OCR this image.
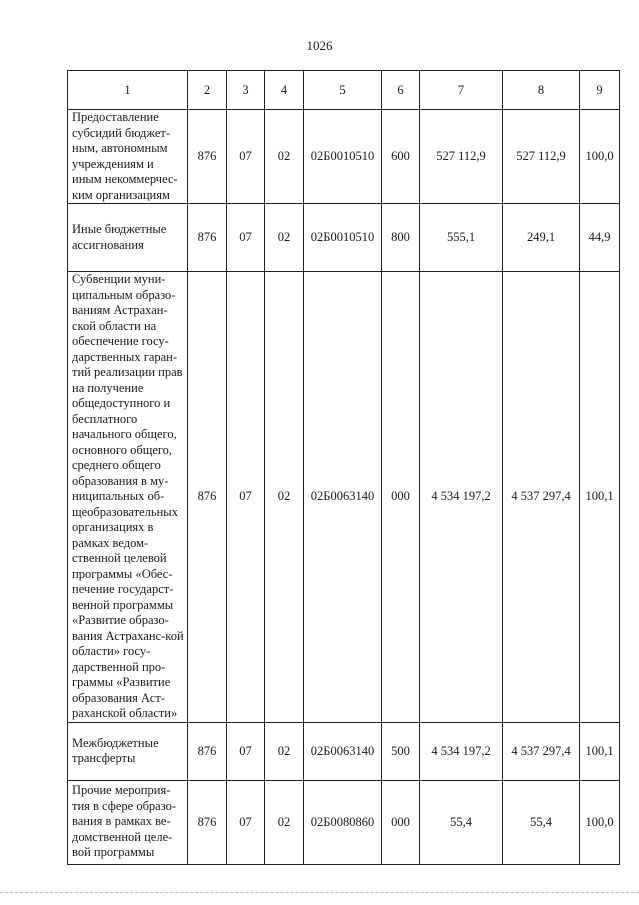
1026
1	2	3	4	5	6	7	8	9
Предоставление субсидий бюджет-ным, автономным учреждениям и иным некоммерчес-ким организациям	876	07	02	02Б0010510	600	527 112,9	527 112,9	100,0
Иные бюджетные ассигнования	876	07	02	02Б0010510	800	555,1	249,1	44,9
Субвенции муни-ципальным образо-ваниям Астрахан-ской области на обеспечение госу-дарственных гаран-тий реализации прав на получение общедоступного и бесплатного начального общего, основного общего, среднего общего образования в му-ниципальных об-щеобразовательных организациях в рамках ведом-ственной целевой программы «Обес-печение государст-венной программы «Развитие образо-вания Астраханс-кой области» госу-дарственной про-граммы «Развитие образования Аст-раханской области»	876	07	02	02Б0063140	000	4 534 197,2	4 537 297,4	100,1
Межбюджетные трансферты	876	07	02	02Б0063140	500	4 534 197,2	4 537 297,4	100,1
Прочие мероприя-тия в сфере образо-вания в рамках ве-домственной целе-вой программы	876	07	02	02Б0080860	000	55,4	55,4	100,0
